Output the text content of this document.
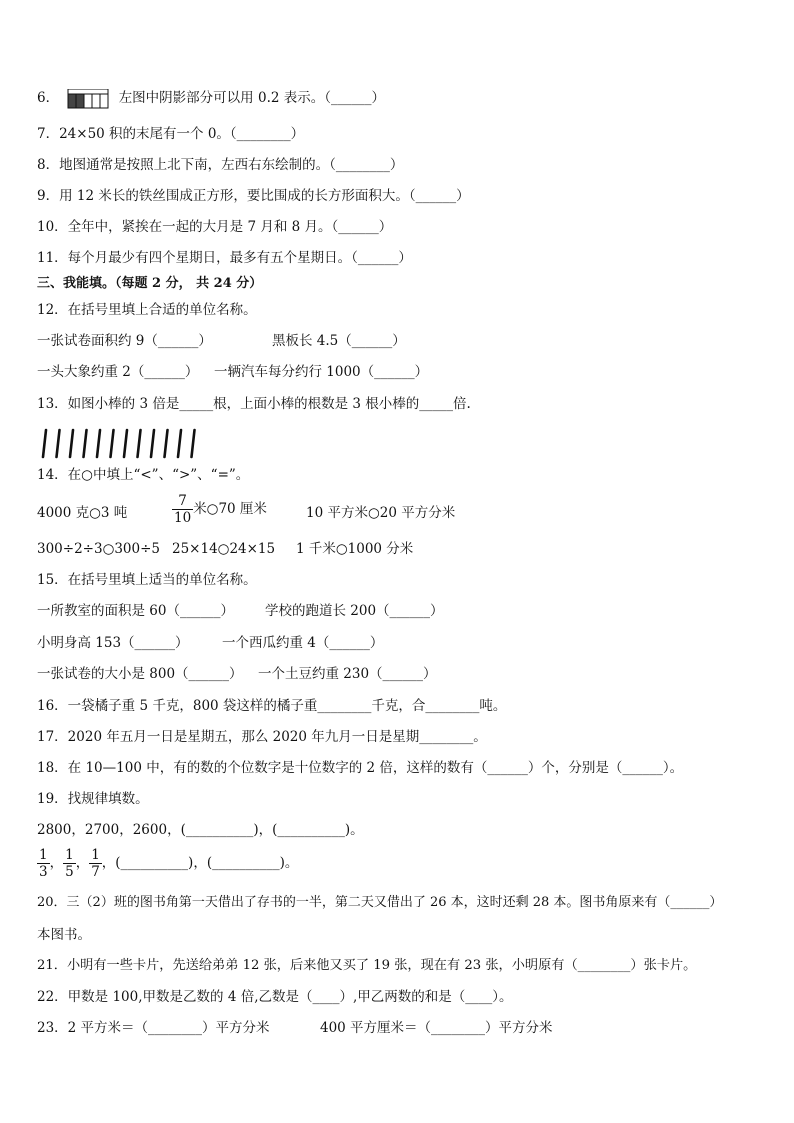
6．	左图中阴影部分可以用 0.2 表示。（______）
7．24×50 积的末尾有一个 0。（________）
8．地图通常是按照上北下南，左西右东绘制的。（________）
9．用 12 米长的铁丝围成正方形，要比围成的长方形面积大。（______）
10．全年中，紧挨在一起的大月是 7 月和 8 月。（______）
11．每个月最少有四个星期日，最多有五个星期日。（______）
三、我能填。（每题 2 分， 共 24 分）
12．在括号里填上合适的单位名称。
一张试卷面积约 9（______）	黑板长 4.5（______）
一头大象约重 2（______） 一辆汽车每分约行 1000（______）
13．如图小棒的 3 倍是_____根，上面小棒的根数是 3 根小棒的_____倍.
14．在○中填上“<”、“>”、“=”。
4000 克○3 吨	$\frac{7}{10}$ 米○70 厘米	10 平方米○20 平方分米
300÷2÷3○300÷5 25×14○24×15 1 千米○1000 分米
15．在括号里填上适当的单位名称。
一所教室的面积是 60（______） 学校的跑道长 200（______）
小明身高 153（______） 一个西瓜约重 4（______）
一张试卷的大小是 800（______） 一个土豆约重 230（______）
16．一袋橘子重 5 千克，800 袋这样的橘子重________千克，合________吨。
17．2020 年五月一日是星期五，那么 2020 年九月一日是星期________。
18．在 10—100 中，有的数的个位数字是十位数字的 2 倍，这样的数有（______）个，分别是（______）。
19．找规律填数。
2800，2700，2600，(__________)，(__________)。
$\frac{1}{3}$ ， $\frac{1}{5}$ ， $\frac{1}{7}$ ，(__________)，(__________)。
20．三（2）班的图书角第一天借出了存书的一半，第二天又借出了 26 本，这时还剩 28 本。图书角原来有（______）
本图书。
21．小明有一些卡片，先送给弟弟 12 张，后来他又买了 19 张，现在有 23 张，小明原有（________）张卡片。
22．甲数是 100,甲数是乙数的 4 倍,乙数是（____）,甲乙两数的和是（____）。
23．2 平方米＝（________）平方分米	400 平方厘米＝（________）平方分米
